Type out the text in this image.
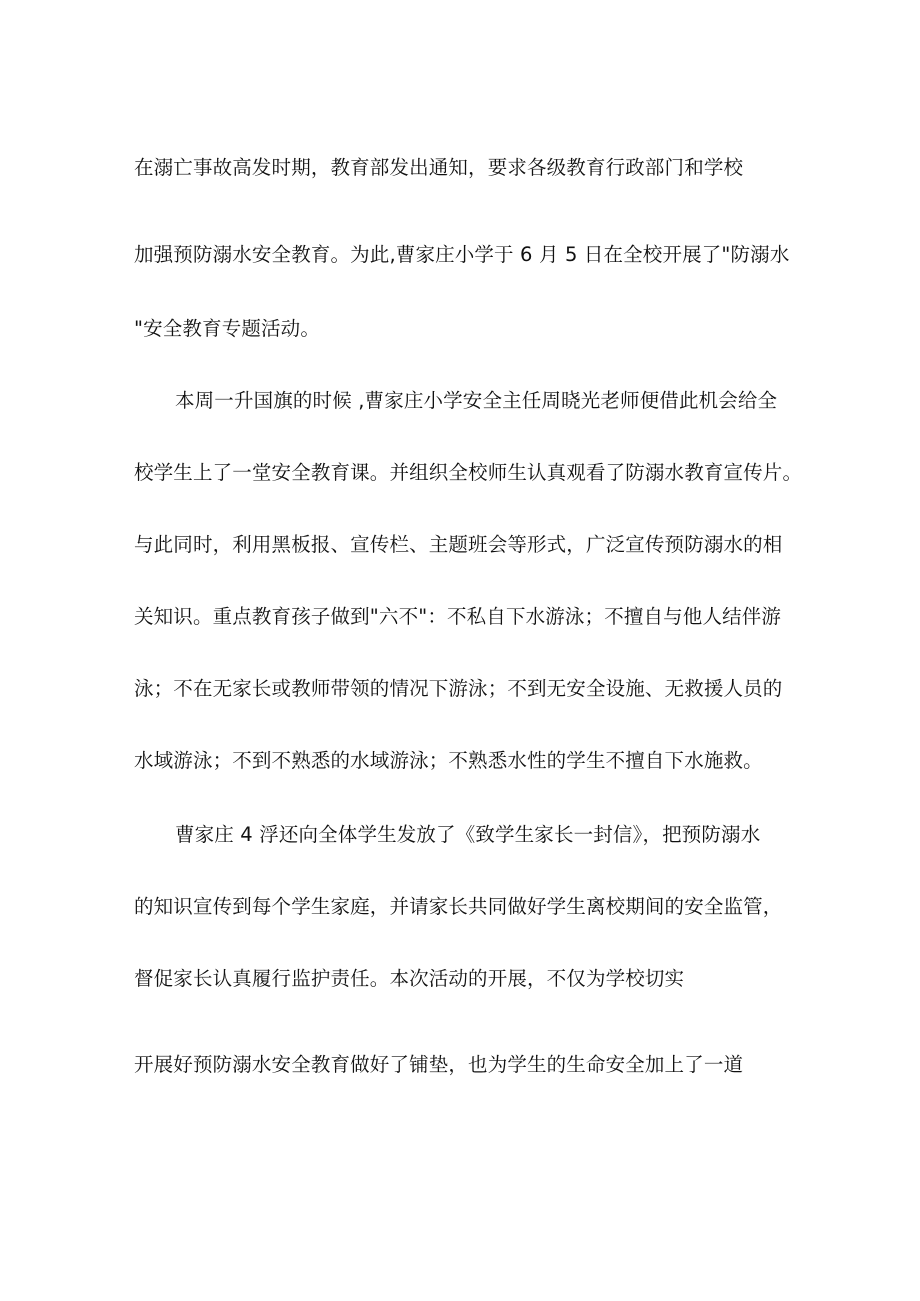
在溺亡事故高发时期，教育部发出通知，要求各级教育行政部门和学校
加强预防溺水安全教育。为此,曹家庄小学于 6 月 5 日在全校开展了"防溺水
"安全教育专题活动。
本周一升国旗的时候 ,曹家庄小学安全主任周晓光老师便借此机会给全
校学生上了一堂安全教育课。并组织全校师生认真观看了防溺水教育宣传片。
与此同时，利用黑板报、宣传栏、主题班会等形式，广泛宣传预防溺水的相
关知识。重点教育孩子做到"六不"：不私自下水游泳；不擅自与他人结伴游
泳；不在无家长或教师带领的情况下游泳；不到无安全设施、无救援人员的
水域游泳；不到不熟悉的水域游泳；不熟悉水性的学生不擅自下水施救。
曹家庄 4 浮还向全体学生发放了《致学生家长一封信》，把预防溺水
的知识宣传到每个学生家庭，并请家长共同做好学生离校期间的安全监管，
督促家长认真履行监护责任。本次活动的开展，不仅为学校切实
开展好预防溺水安全教育做好了铺垫，也为学生的生命安全加上了一道
